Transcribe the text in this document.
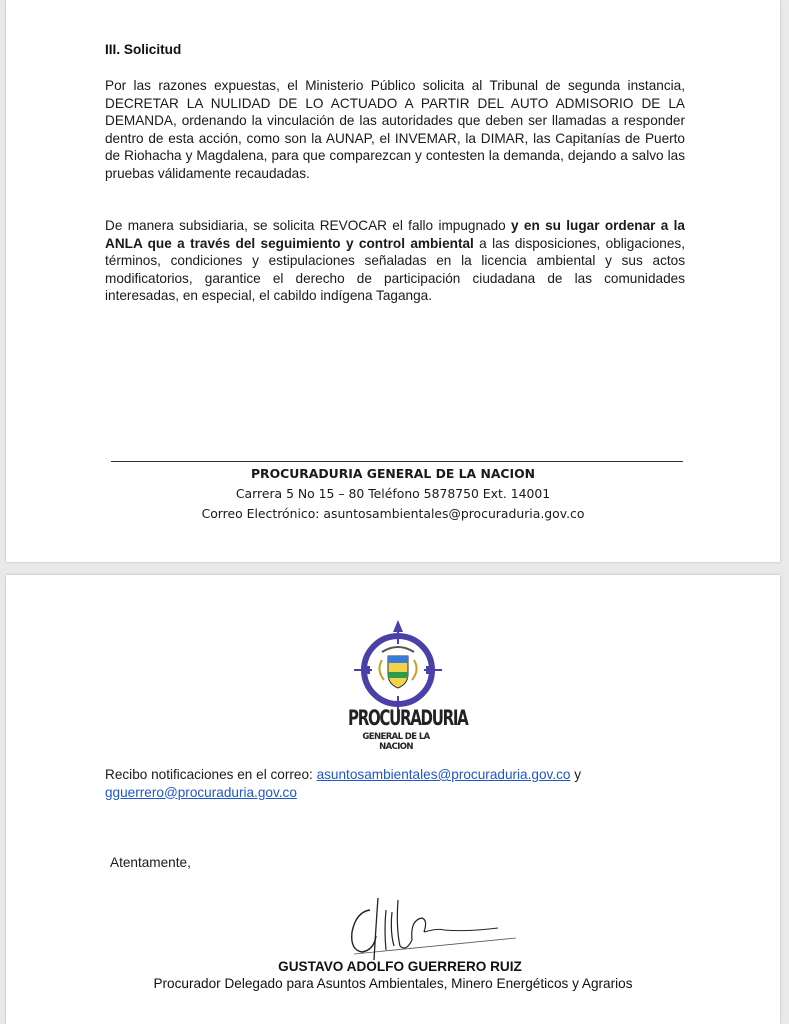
III. Solicitud
Por las razones expuestas, el Ministerio Público solicita al Tribunal de segunda instancia, DECRETAR LA NULIDAD DE LO ACTUADO A PARTIR DEL AUTO ADMISORIO DE LA DEMANDA, ordenando la vinculación de las autoridades que deben ser llamadas a responder dentro de esta acción, como son la AUNAP, el INVEMAR, la DIMAR, las Capitanías de Puerto de Riohacha y Magdalena, para que comparezcan y contesten la demanda, dejando a salvo las pruebas válidamente recaudadas.
De manera subsidiaria, se solicita REVOCAR el fallo impugnado y en su lugar ordenar a la ANLA que a través del seguimiento y control ambiental a las disposiciones, obligaciones, términos, condiciones y estipulaciones señaladas en la licencia ambiental y sus actos modificatorios, garantice el derecho de participación ciudadana de las comunidades interesadas, en especial, el cabildo indígena Taganga.
PROCURADURIA GENERAL DE LA NACION
Carrera 5 No 15 – 80 Teléfono 5878750 Ext. 14001
Correo Electrónico: asuntosambientales@procuraduria.gov.co
PROCURADURIA
GENERAL DE LA NACION
Recibo notificaciones en el correo: asuntosambientales@procuraduria.gov.co y
gguerrero@procuraduria.gov.co
Atentamente,
GUSTAVO ADOLFO GUERRERO RUIZ
Procurador Delegado para Asuntos Ambientales, Minero Energéticos y Agrarios
